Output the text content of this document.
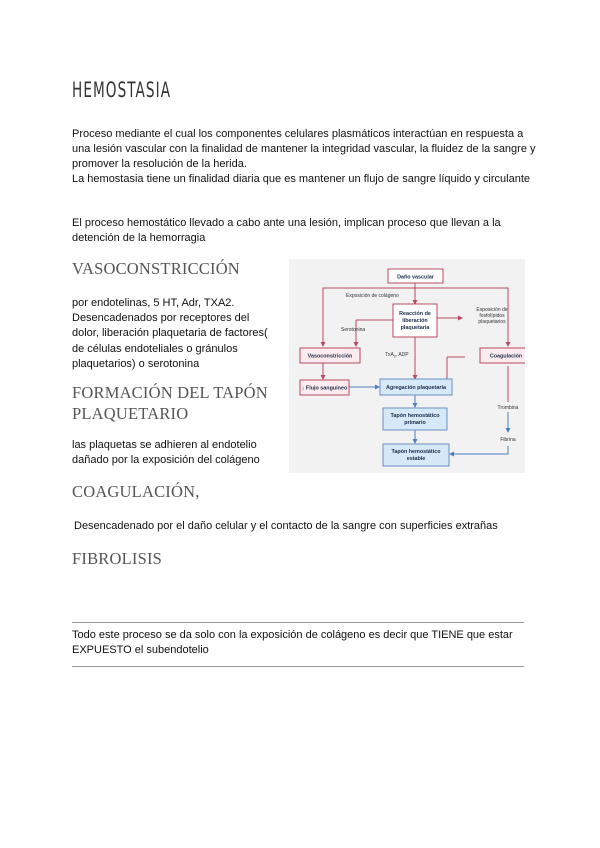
HEMOSTASIA
Proceso mediante el cual los componentes celulares plasmáticos interactúan en respuesta a una lesión vascular con la finalidad de mantener la integridad vascular, la fluidez de la sangre y promover la resolución de la herida.
La hemostasia tiene un finalidad diaria que es mantener un flujo de sangre líquido y circulante
El proceso hemostático llevado a cabo ante una lesión, implican proceso que llevan a la detención de la hemorragia
VASOCONSTRICCIÓN
por endotelinas, 5 HT, Adr, TXA2. Desencadenados por receptores del dolor, liberación plaquetaria de factores( de células endoteliales o gránulos plaquetarios) o serotonina
FORMACIÓN DEL TAPÓN PLAQUETARIO
las plaquetas se adhieren al endotelio dañado por la exposición del colágeno
COAGULACIÓN,
Desencadenado por el daño celular y el contacto de la sangre con superficies extrañas
FIBROLISIS
Daño vascular
Exposición de colágeno
Reacción de
liberación
plaquetaria
Exposición de
fosfolípidos
plaquetarios
Serotonina
Vasoconstricción	Coagulación
TxA$_2$, ADP
↓ Flujo sanguíneo	Agregación plaquetaria
Trombina
Tapón hemostático
primario
Fibrina
Tapón hemostático
estable
Todo este proceso se da solo con la exposición de colágeno es decir que TIENE que estar EXPUESTO el subendotelio
